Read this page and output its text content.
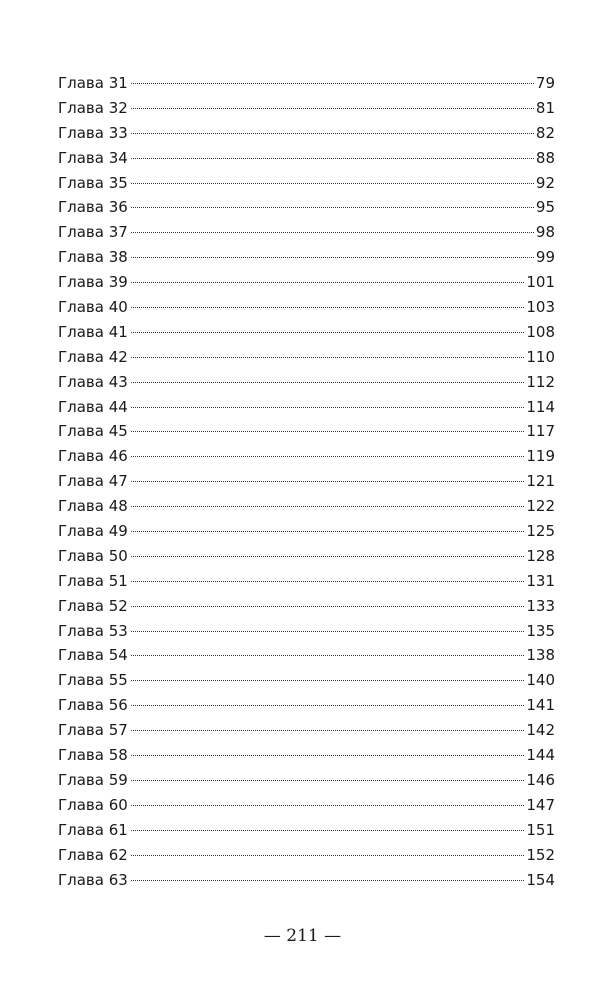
Глава 31	79
Глава 32	81
Глава 33	82
Глава 34	88
Глава 35	92
Глава 36	95
Глава 37	98
Глава 38	99
Глава 39	101
Глава 40	103
Глава 41	108
Глава 42	110
Глава 43	112
Глава 44	114
Глава 45	117
Глава 46	119
Глава 47	121
Глава 48	122
Глава 49	125
Глава 50	128
Глава 51	131
Глава 52	133
Глава 53	135
Глава 54	138
Глава 55	140
Глава 56	141
Глава 57	142
Глава 58	144
Глава 59	146
Глава 60	147
Глава 61	151
Глава 62	152
Глава 63	154
— 211 —
